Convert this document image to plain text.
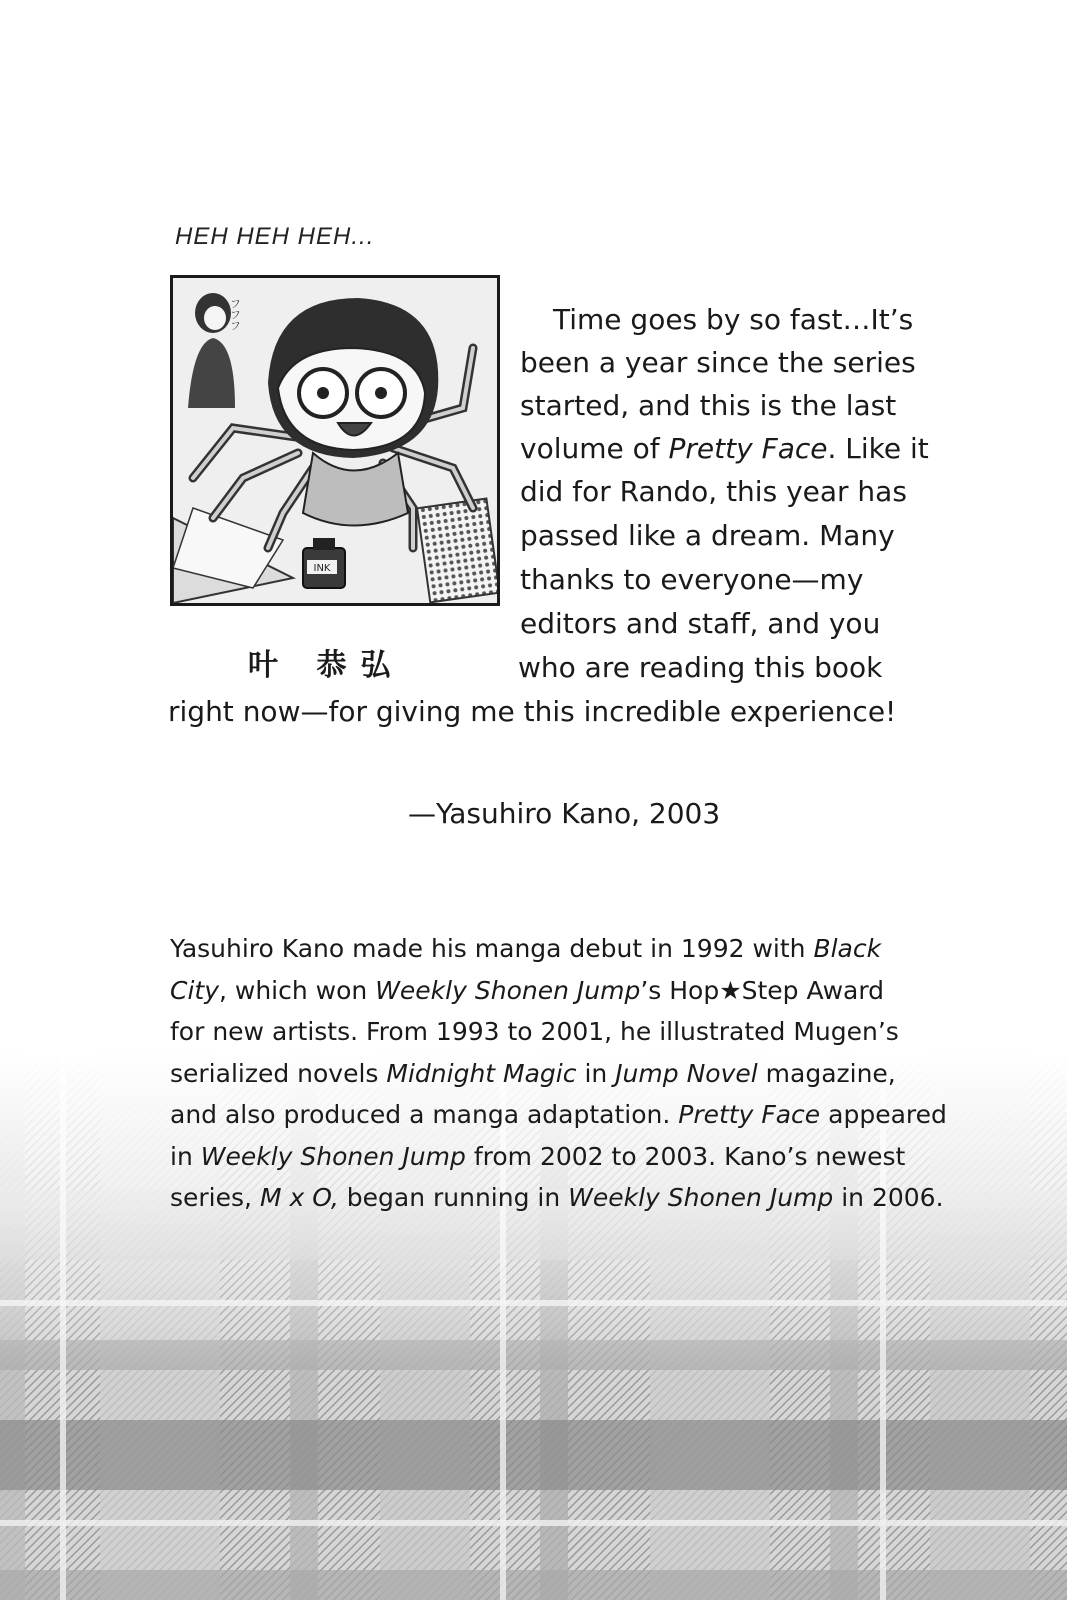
HEH HEH HEH...

フフフ
INK

叶 恭弘

Time goes by so fast…It’s

been a year since the series

started, and this is the last

volume of Pretty Face. Like it

did for Rando, this year has

passed like a dream. Many

thanks to everyone—my

editors and staff, and you

who are reading this book

right now—for giving me this incredible experience!

—Yasuhiro Kano, 2003

Yasuhiro Kano made his manga debut in 1992 with Black
City, which won Weekly Shonen Jump’s Hop★Step Award
for new artists. From 1993 to 2001, he illustrated Mugen’s
serialized novels Midnight Magic in Jump Novel magazine,
and also produced a manga adaptation. Pretty Face appeared
in Weekly Shonen Jump from 2002 to 2003. Kano’s newest
series, M x O, began running in Weekly Shonen Jump in 2006.
